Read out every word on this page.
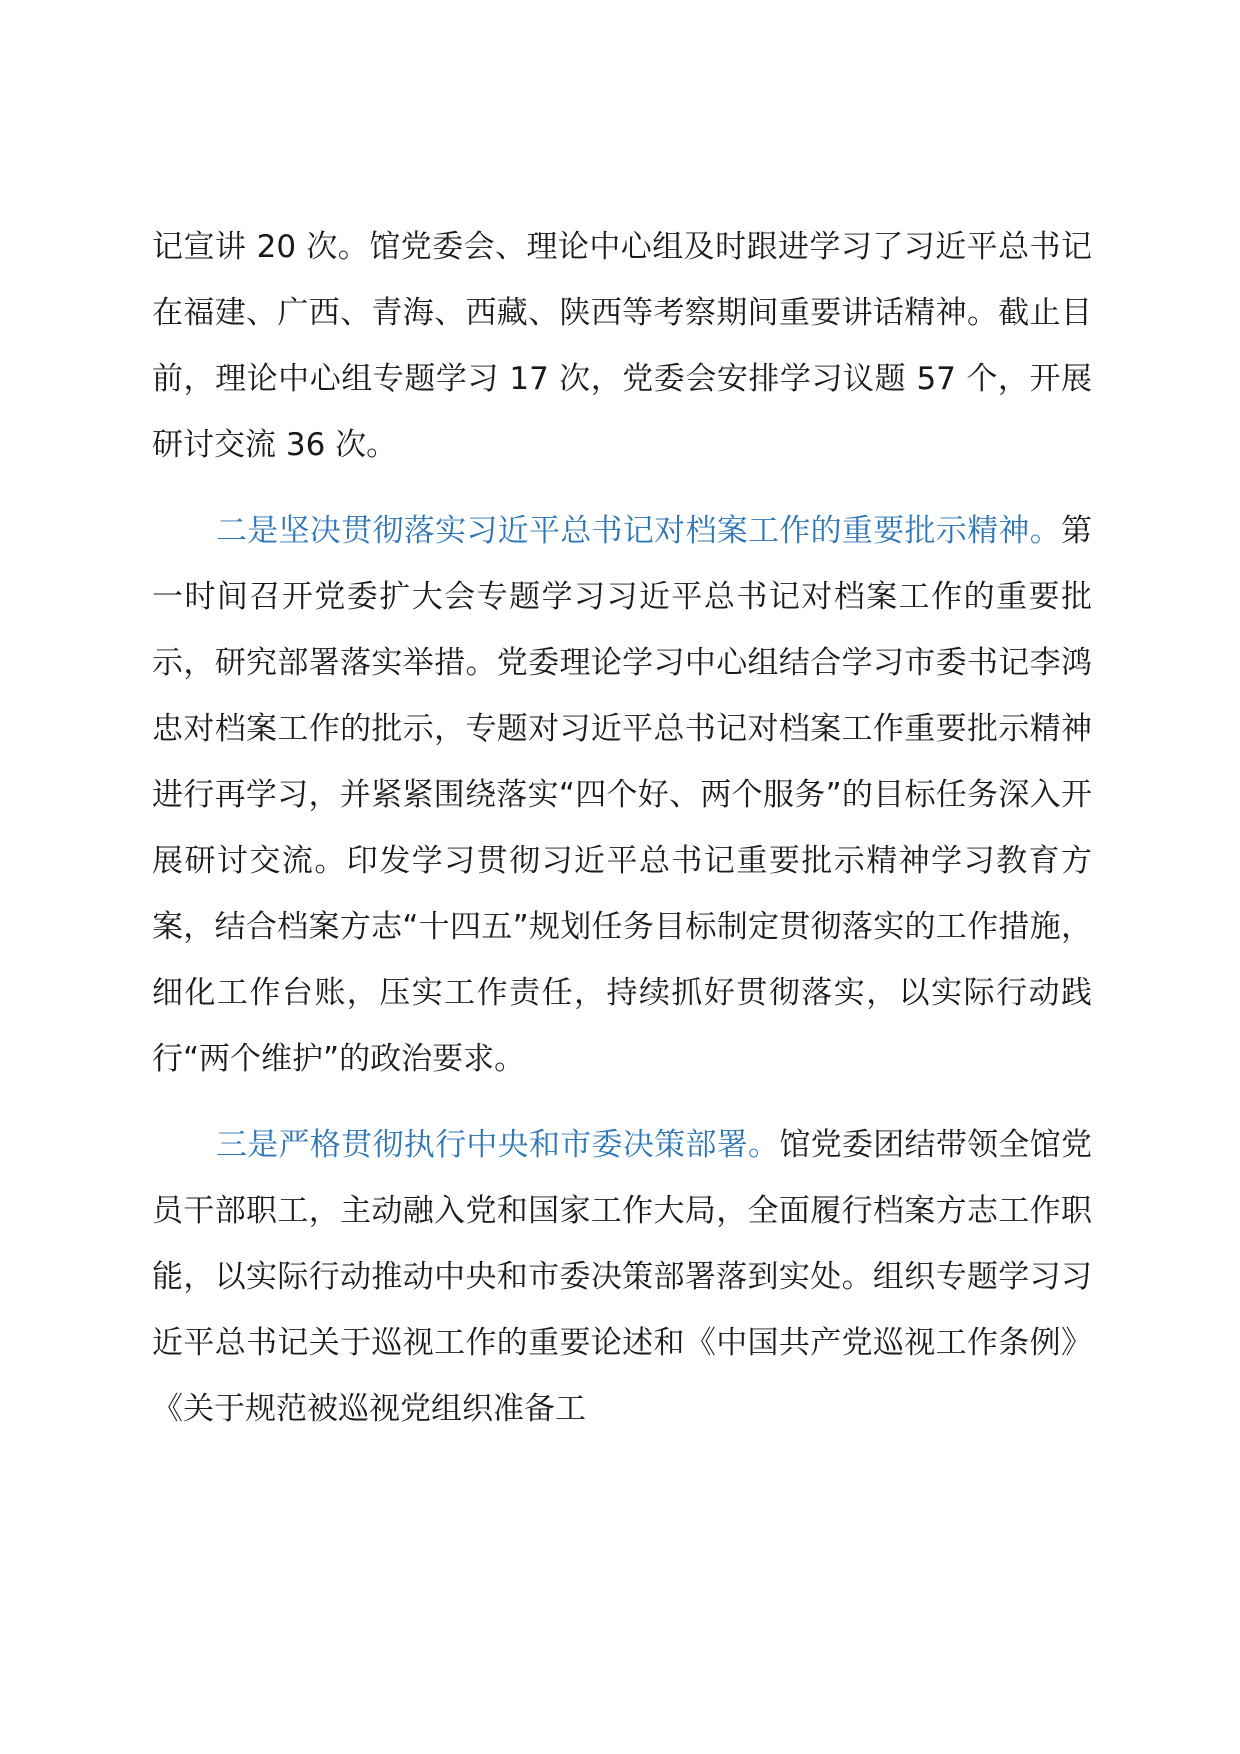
记宣讲 20 次。馆党委会、理论中心组及时跟进学习了习近平总书记在福建、广西、青海、西藏、陕西等考察期间重要讲话精神。截止目前，理论中心组专题学习 17 次，党委会安排学习议题 57 个，开展研讨交流 36 次。

二是坚决贯彻落实习近平总书记对档案工作的重要批示精神。第一时间召开党委扩大会专题学习习近平总书记对档案工作的重要批示，研究部署落实举措。党委理论学习中心组结合学习市委书记李鸿忠对档案工作的批示，专题对习近平总书记对档案工作重要批示精神进行再学习，并紧紧围绕落实“四个好、两个服务”的目标任务深入开展研讨交流。印发学习贯彻习近平总书记重要批示精神学习教育方案，结合档案方志“十四五”规划任务目标制定贯彻落实的工作措施，细化工作台账，压实工作责任，持续抓好贯彻落实，以实际行动践行“两个维护”的政治要求。

三是严格贯彻执行中央和市委决策部署。馆党委团结带领全馆党员干部职工，主动融入党和国家工作大局，全面履行档案方志工作职能，以实际行动推动中央和市委决策部署落到实处。组织专题学习习近平总书记关于巡视工作的重要论述和《中国共产党巡视工作条例》《关于规范被巡视党组织准备工
